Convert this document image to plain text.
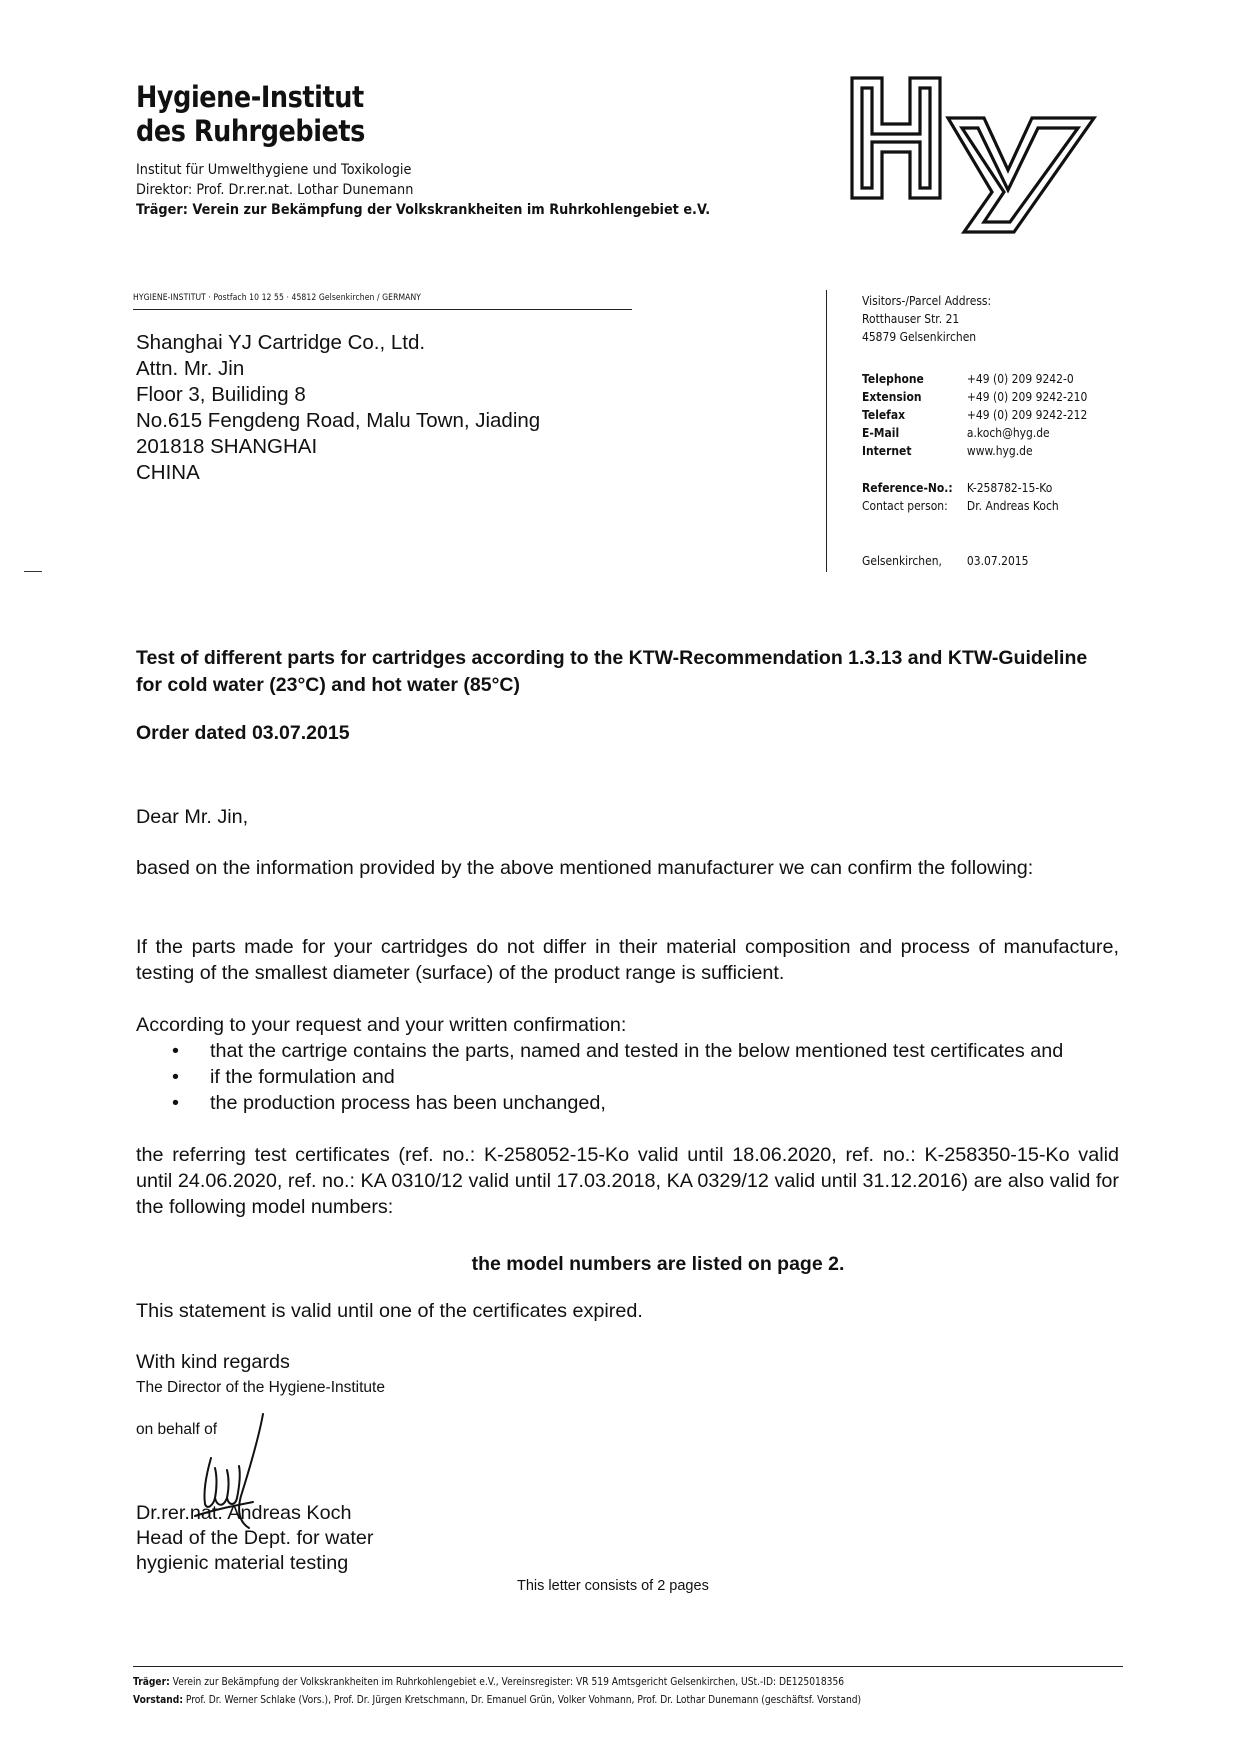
Hygiene-Institut
des Ruhrgebiets
Institut für Umwelthygiene und Toxikologie
Direktor: Prof. Dr.rer.nat. Lothar Dunemann
Träger: Verein zur Bekämpfung der Volkskrankheiten im Ruhrkohlengebiet e.V.
Hy
HYGIENE-INSTITUT · Postfach 10 12 55 · 45812 Gelsenkirchen / GERMANY
Shanghai YJ Cartridge Co., Ltd.
Attn. Mr. Jin
Floor 3, Builiding 8
No.615 Fengdeng Road, Malu Town, Jiading
201818 SHANGHAI
CHINA
Visitors-/Parcel Address:
Rotthauser Str. 21
45879 Gelsenkirchen
Telephone	+49 (0) 209 9242-0
Extension	+49 (0) 209 9242-210
Telefax	+49 (0) 209 9242-212
E-Mail	a.koch@hyg.de
Internet	www.hyg.de
Reference-No.:	K-258782-15-Ko
Contact person:	Dr. Andreas Koch
Gelsenkirchen,	03.07.2015
Test of different parts for cartridges according to the KTW-Recommendation 1.3.13 and KTW-Guideline for cold water (23°C) and hot water (85°C)
Order dated 03.07.2015
Dear Mr. Jin,
based on the information provided by the above mentioned manufacturer we can confirm the following:
If the parts made for your cartridges do not differ in their material composition and process of manufacture, testing of the smallest diameter (surface) of the product range is sufficient.
According to your request and your written confirmation:
•	that the cartrige contains the parts, named and tested in the below mentioned test certificates and
•	if the formulation and
•	the production process has been unchanged,
the referring test certificates (ref. no.: K-258052-15-Ko valid until 18.06.2020, ref. no.: K-258350-15-Ko valid until 24.06.2020, ref. no.: KA 0310/12 valid until 17.03.2018, KA 0329/12 valid until 31.12.2016) are also valid for the following model numbers:
the model numbers are listed on page 2.
This statement is valid until one of the certificates expired.
With kind regards
The Director of the Hygiene-Institute
on behalf of
Dr.rer.nat. Andreas Koch
Head of the Dept. for water
hygienic material testing
This letter consists of 2 pages
Träger: Verein zur Bekämpfung der Volkskrankheiten im Ruhrkohlengebiet e.V., Vereinsregister: VR 519 Amtsgericht Gelsenkirchen, USt.-ID: DE125018356
Vorstand: Prof. Dr. Werner Schlake (Vors.), Prof. Dr. Jürgen Kretschmann, Dr. Emanuel Grün, Volker Vohmann, Prof. Dr. Lothar Dunemann (geschäftsf. Vorstand)
